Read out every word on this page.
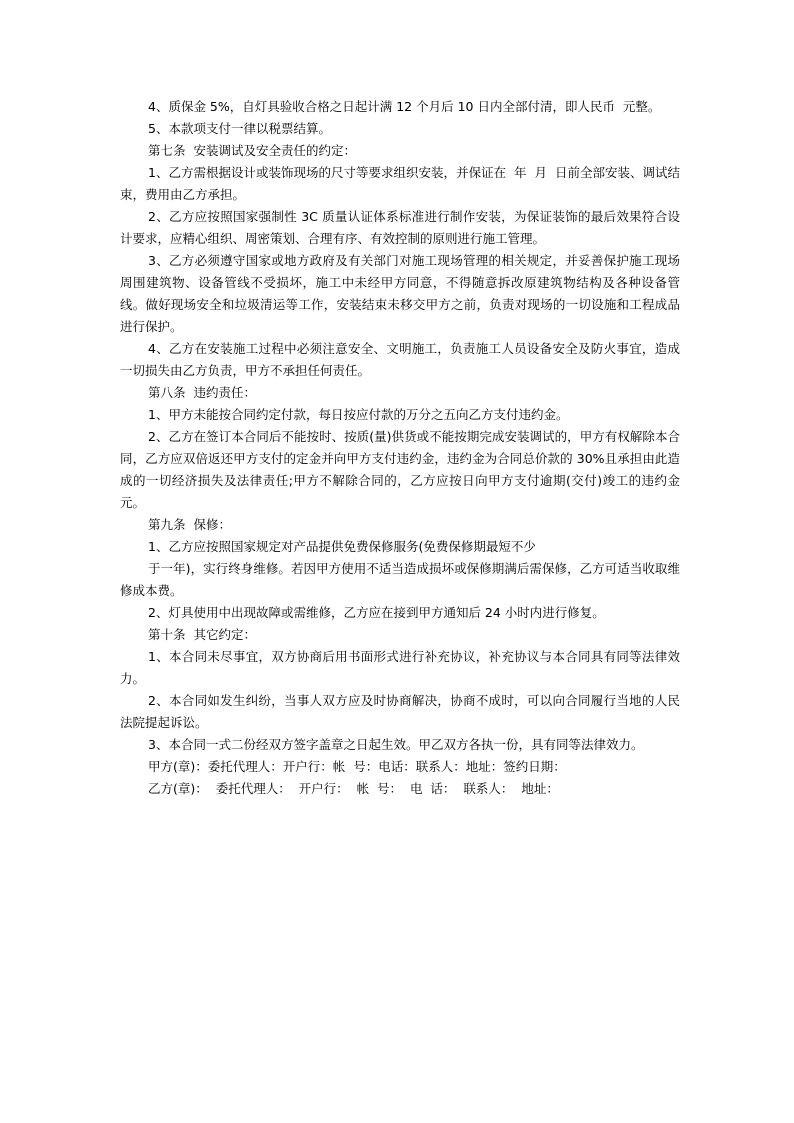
4、质保金 5%，自灯具验收合格之日起计满 12 个月后 10 日内全部付清，即人民币  元整。

5、本款项支付一律以税票结算。

第七条  安装调试及安全责任的约定：

1、乙方需根据设计或装饰现场的尺寸等要求组织安装，并保证在  年  月  日前全部安装、调试结束，费用由乙方承担。

2、乙方应按照国家强制性 3C 质量认证体系标准进行制作安装，为保证装饰的最后效果符合设计要求，应精心组织、周密策划、合理有序、有效控制的原则进行施工管理。

3、乙方必须遵守国家或地方政府及有关部门对施工现场管理的相关规定，并妥善保护施工现场周围建筑物、设备管线不受损坏，施工中未经甲方同意，不得随意拆改原建筑物结构及各种设备管线。做好现场安全和垃圾清运等工作，安装结束未移交甲方之前，负责对现场的一切设施和工程成品进行保护。

4、乙方在安装施工过程中必须注意安全、文明施工，负责施工人员设备安全及防火事宜，造成一切损失由乙方负责，甲方不承担任何责任。

第八条  违约责任：

1、甲方未能按合同约定付款，每日按应付款的万分之五向乙方支付违约金。

2、乙方在签订本合同后不能按时、按质(量)供货或不能按期完成安装调试的，甲方有权解除本合同，乙方应双倍返还甲方支付的定金并向甲方支付违约金，违约金为合同总价款的 30%且承担由此造成的一切经济损失及法律责任;甲方不解除合同的，乙方应按日向甲方支付逾期(交付)竣工的违约金  元。

第九条  保修：

1、乙方应按照国家规定对产品提供免费保修服务(免费保修期最短不少

于一年)，实行终身维修。若因甲方使用不适当造成损坏或保修期满后需保修，乙方可适当收取维修成本费。

2、灯具使用中出现故障或需维修，乙方应在接到甲方通知后 24 小时内进行修复。

第十条  其它约定：

1、本合同未尽事宜，双方协商后用书面形式进行补充协议，补充协议与本合同具有同等法律效力。

2、本合同如发生纠纷，当事人双方应及时协商解决，协商不成时，可以向合同履行当地的人民法院提起诉讼。

3、本合同一式二份经双方签字盖章之日起生效。甲乙双方各执一份，具有同等法律效力。

甲方(章)：委托代理人：开户行：帐  号：电话：联系人：地址：签约日期：

乙方(章)：  委托代理人：  开户行：  帐  号：  电  话：  联系人：  地址：
